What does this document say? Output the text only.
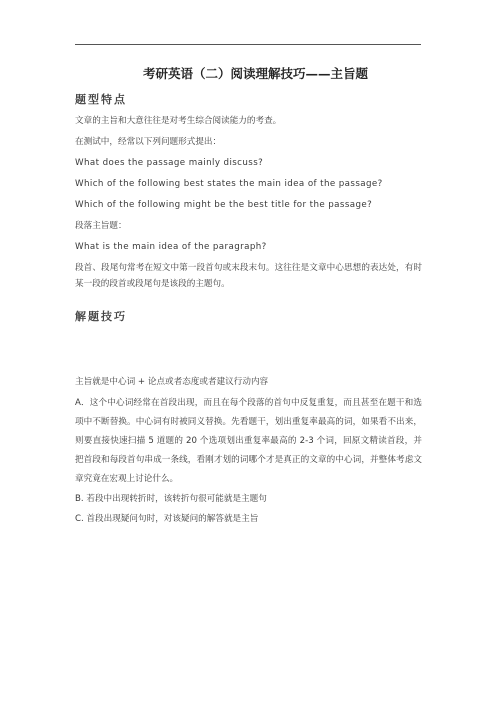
考研英语（二）阅读理解技巧——主旨题
题型特点

文章的主旨和大意往往是对考生综合阅读能力的考查。

在测试中，经常以下列问题形式提出：

What does the passage mainly discuss?

Which of the following best states the main idea of the passage?

Which of the following might be the best title for the passage?

段落主旨题：

What is the main idea of the paragraph?

段首、段尾句常考在短文中第一段首句或末段末句。这往往是文章中心思想的表达处，有时某一段的段首或段尾句是该段的主题句。

解题技巧

主旨就是中心词 + 论点或者态度或者建议行动内容

A．这个中心词经常在首段出现，而且在每个段落的首句中反复重复，而且甚至在题干和选项中不断替换。中心词有时被同义替换。先看题干，划出重复率最高的词，如果看不出来，则要直接快速扫描 5 道题的 20 个选项划出重复率最高的 2-3 个词，回原文精读首段，并把首段和每段首句串成一条线，看刚才划的词哪个才是真正的文章的中心词，并整体考虑文章究竟在宏观上讨论什么。

B. 若段中出现转折时，该转折句很可能就是主题句

C. 首段出现疑问句时，对该疑问的解答就是主旨
